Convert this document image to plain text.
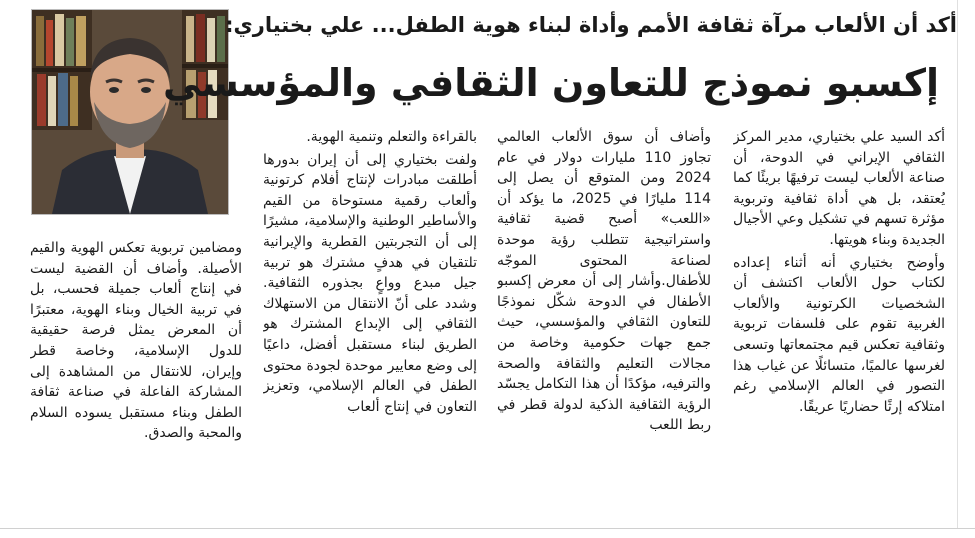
أكد أن الألعاب مرآة ثقافة الأمم وأداة لبناء هوية الطفل... علي بختياري:
إكسبو نموذج للتعاون الثقافي والمؤسسي

أكد السيد علي بختياري، مدير المركز الثقافي الإيراني في الدوحة، أن صناعة الألعاب ليست ترفيهًا بريئًا كما يُعتقد، بل هي أداة ثقافية وتربوية مؤثرة تسهم في تشكيل وعي الأجيال الجديدة وبناء هويتها.

وأوضح بختياري أنه أثناء إعداده لكتاب حول الألعاب اكتشف أن الشخصيات الكرتونية والألعاب الغربية تقوم على فلسفات تربوية وثقافية تعكس قيم مجتمعاتها وتسعى لغرسها عالميًا، متسائلًا عن غياب هذا التصور في العالم الإسلامي رغم امتلاكه إرثًا حضاريًا عريقًا.

وأضاف أن سوق الألعاب العالمي تجاوز 110 مليارات دولار في عام 2024 ومن المتوقع أن يصل إلى 114 مليارًا في 2025، ما يؤكد أن «اللعب» أصبح قضية ثقافية واستراتيجية تتطلب رؤية موحدة لصناعة المحتوى الموجّه للأطفال.وأشار إلى أن معرض إكسبو الأطفال في الدوحة شكّل نموذجًا للتعاون الثقافي والمؤسسي، حيث جمع جهات حكومية وخاصة من مجالات التعليم والثقافة والصحة والترفيه، مؤكدًا أن هذا التكامل يجسّد الرؤية الثقافية الذكية لدولة قطر في ربط اللعب

بالقراءة والتعلم وتنمية الهوية.

ولفت بختياري إلى أن إيران بدورها أطلقت مبادرات لإنتاج أفلام كرتونية وألعاب رقمية مستوحاة من القيم والأساطير الوطنية والإسلامية، مشيرًا إلى أن التجربتين القطرية والإيرانية تلتقيان في هدفٍ مشترك هو تربية جيل مبدع وواعٍ بجذوره الثقافية. وشدد على أنّ الانتقال من الاستهلاك الثقافي إلى الإبداع المشترك هو الطريق لبناء مستقبل أفضل، داعيًا إلى وضع معايير موحدة لجودة محتوى الطفل في العالم الإسلامي، وتعزيز التعاون في إنتاج ألعاب

ومضامين تربوية تعكس الهوية والقيم الأصيلة. وأضاف أن القضية ليست في إنتاج ألعاب جميلة فحسب، بل في تربية الخيال وبناء الهوية، معتبرًا أن المعرض يمثل فرصة حقيقية للدول الإسلامية، وخاصة قطر وإيران، للانتقال من المشاهدة إلى المشاركة الفاعلة في صناعة ثقافة الطفل وبناء مستقبل يسوده السلام والمحبة والصدق.
